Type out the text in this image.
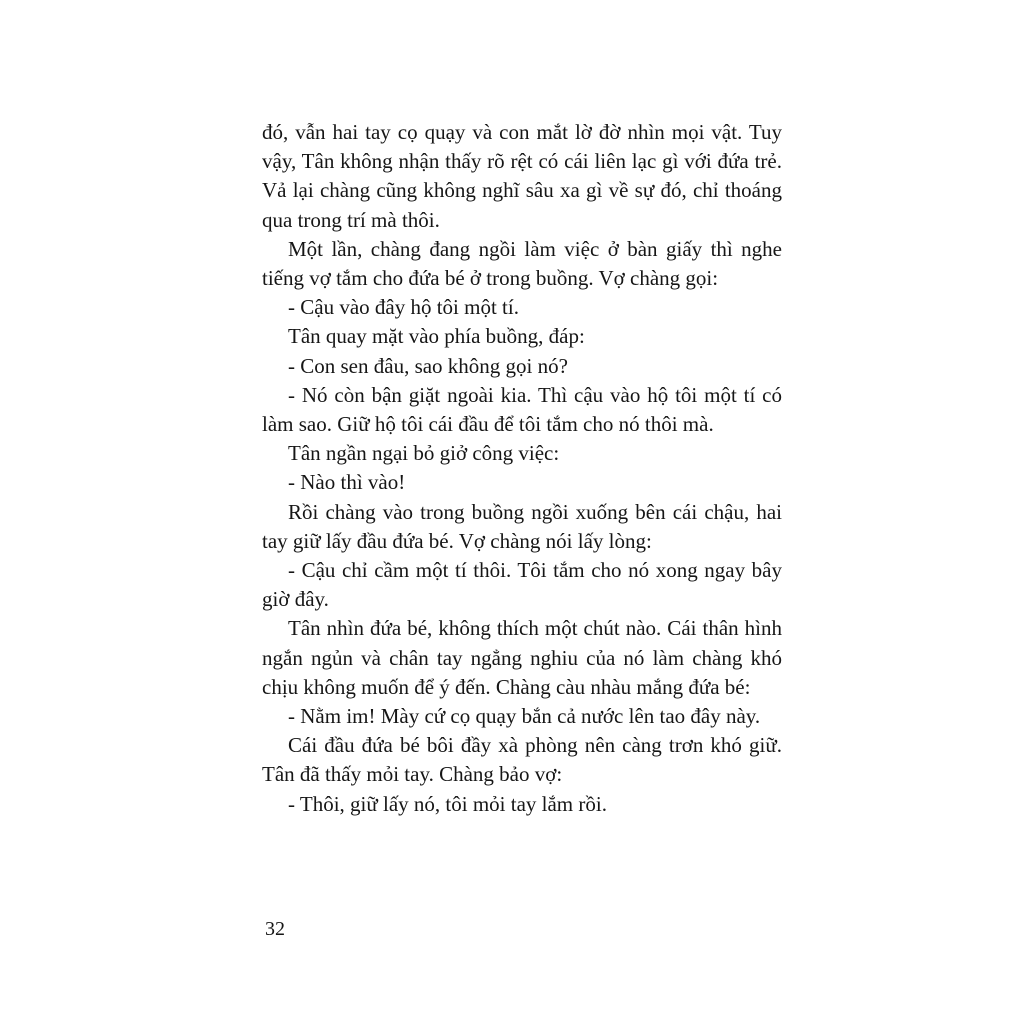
đó, vẫn hai tay cọ quạy và con mắt lờ đờ nhìn mọi vật. Tuy vậy, Tân không nhận thấy rõ rệt có cái liên lạc gì với đứa trẻ. Vả lại chàng cũng không nghĩ sâu xa gì về sự đó, chỉ thoáng qua trong trí mà thôi.

Một lần, chàng đang ngồi làm việc ở bàn giấy thì nghe tiếng vợ tắm cho đứa bé ở trong buồng. Vợ chàng gọi:

- Cậu vào đây hộ tôi một tí.

Tân quay mặt vào phía buồng, đáp:

- Con sen đâu, sao không gọi nó?

- Nó còn bận giặt ngoài kia. Thì cậu vào hộ tôi một tí có làm sao. Giữ hộ tôi cái đầu để tôi tắm cho nó thôi mà.

Tân ngần ngại bỏ giở công việc:

- Nào thì vào!

Rồi chàng vào trong buồng ngồi xuống bên cái chậu, hai tay giữ lấy đầu đứa bé. Vợ chàng nói lấy lòng:

- Cậu chỉ cầm một tí thôi. Tôi tắm cho nó xong ngay bây giờ đây.

Tân nhìn đứa bé, không thích một chút nào. Cái thân hình ngắn ngủn và chân tay ngẳng nghiu của nó làm chàng khó chịu không muốn để ý đến. Chàng càu nhàu mắng đứa bé:

- Nằm im! Mày cứ cọ quạy bắn cả nước lên tao đây này.

Cái đầu đứa bé bôi đầy xà phòng nên càng trơn khó giữ. Tân đã thấy mỏi tay. Chàng bảo vợ:

- Thôi, giữ lấy nó, tôi mỏi tay lắm rồi.

32
